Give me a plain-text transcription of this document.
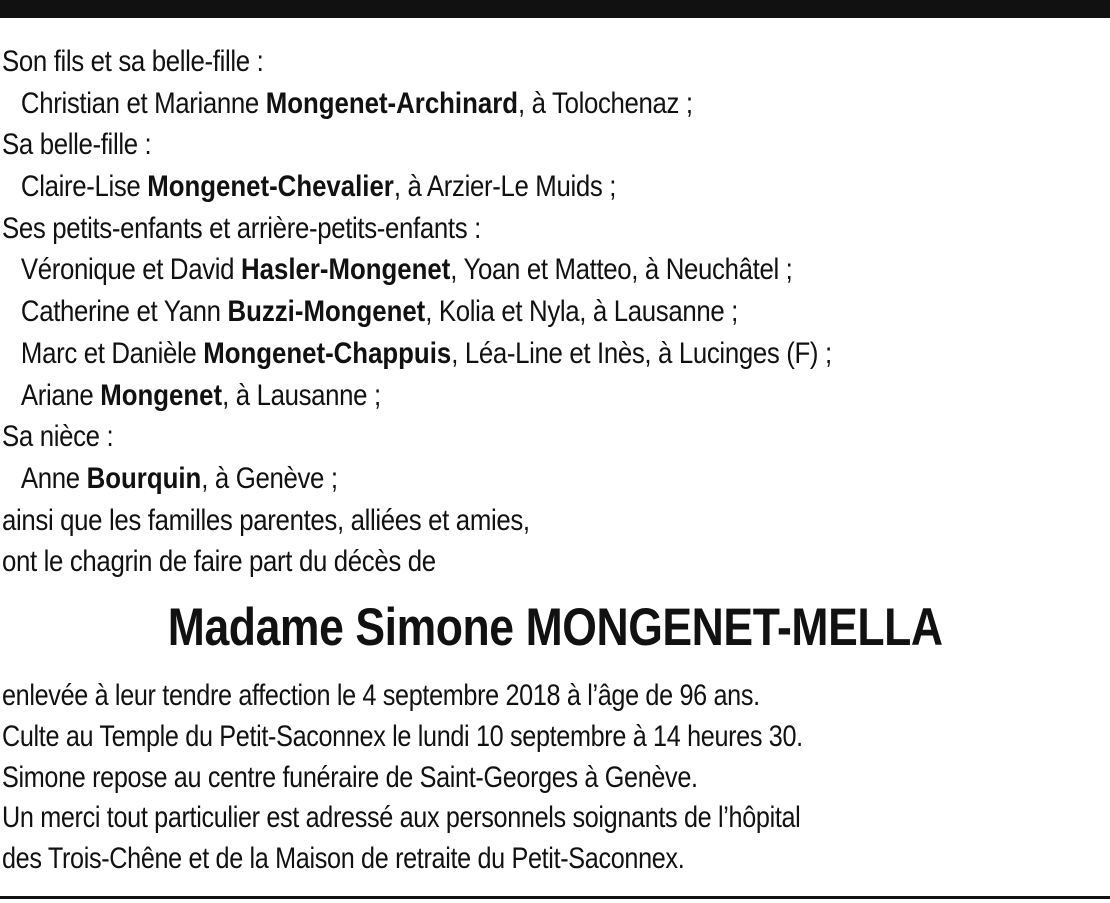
Son fils et sa belle-fille :
Christian et Marianne Mongenet-Archinard, à Tolochenaz ;
Sa belle-fille :
Claire-Lise Mongenet-Chevalier, à Arzier-Le Muids ;
Ses petits-enfants et arrière-petits-enfants :
Véronique et David Hasler-Mongenet, Yoan et Matteo, à Neuchâtel ;
Catherine et Yann Buzzi-Mongenet, Kolia et Nyla, à Lausanne ;
Marc et Danièle Mongenet-Chappuis, Léa-Line et Inès, à Lucinges (F) ;
Ariane Mongenet, à Lausanne ;
Sa nièce :
Anne Bourquin, à Genève ;
ainsi que les familles parentes, alliées et amies,
ont le chagrin de faire part du décès de
Madame Simone MONGENET-MELLA
enlevée à leur tendre affection le 4 septembre 2018 à l’âge de 96 ans.
Culte au Temple du Petit-Saconnex le lundi 10 septembre à 14 heures 30.
Simone repose au centre funéraire de Saint-Georges à Genève.
Un merci tout particulier est adressé aux personnels soignants de l’hôpital
des Trois-Chêne et de la Maison de retraite du Petit-Saconnex.
